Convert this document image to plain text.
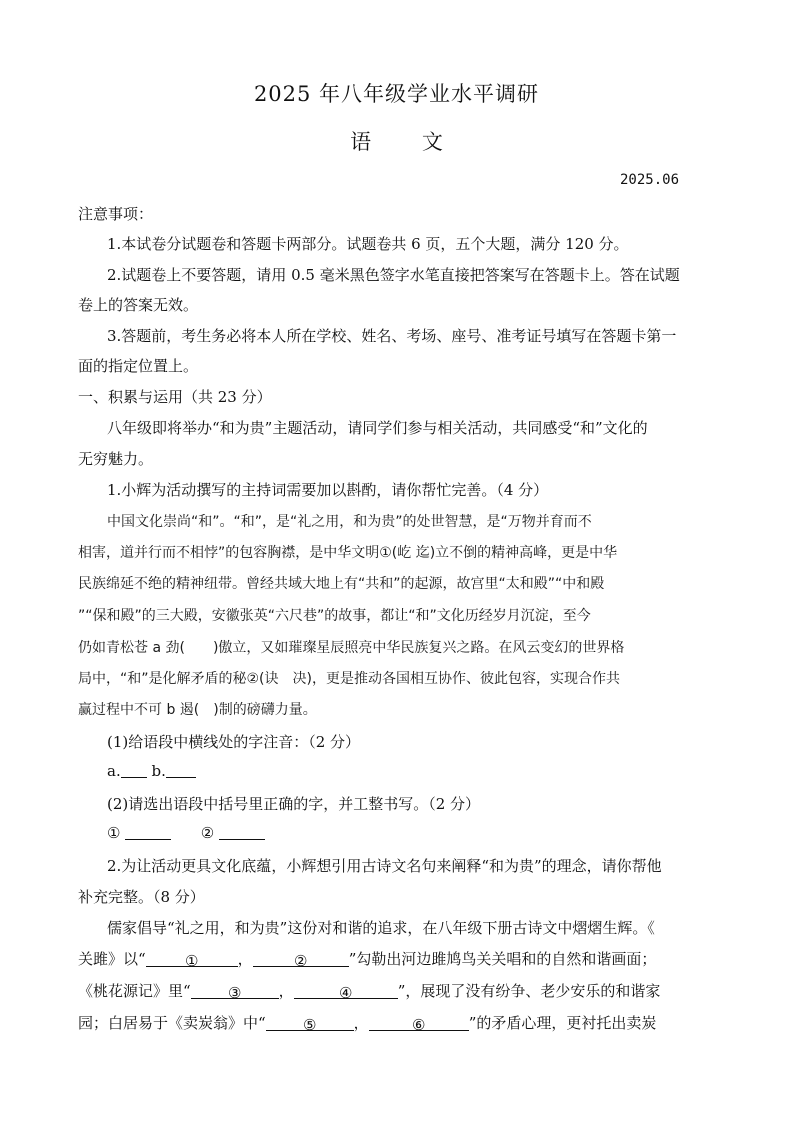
2025 年八年级学业水平调研
语 文
2025.06
注意事项：
1.本试卷分试题卷和答题卡两部分。试题卷共 6 页，五个大题，满分 120 分。
2.试题卷上不要答题，请用 0.5 毫米黑色签字水笔直接把答案写在答题卡上。答在试题
卷上的答案无效。
3.答题前，考生务必将本人所在学校、姓名、考场、座号、准考证号填写在答题卡第一
面的指定位置上。
一、积累与运用（共 23 分）
八年级即将举办“和为贵”主题活动，请同学们参与相关活动，共同感受“和”文化的
无穷魅力。
1.小辉为活动撰写的主持词需要加以斟酌，请你帮忙完善。（4 分）
中国文化崇尚“和”。“和”，是“礼之用，和为贵”的处世智慧，是“万物并育而不
相害，道并行而不相悖”的包容胸襟，是中华文明①(屹 迄)立不倒的精神高峰，更是中华
民族绵延不绝的精神纽带。曾经共域大地上有“共和”的起源，故宫里“太和殿”“中和殿
”“保和殿”的三大殿，安徽张英“六尺巷”的故事，都让“和”文化历经岁月沉淀，至今
仍如青松苍 a 劲(　　)傲立，又如璀璨星辰照亮中华民族复兴之路。在风云变幻的世界格
局中，“和”是化解矛盾的秘②(诀　决)，更是推动各国相互协作、彼此包容，实现合作共
赢过程中不可 b 遏(　)制的磅礴力量。
(1)给语段中横线处的字注音：（2 分）
a. b.
(2)请选出语段中括号里正确的字，并工整书写。（2 分）
①	②
2.为让活动更具文化底蕴，小辉想引用古诗文名句来阐释“和为贵”的理念，请你帮他
补充完整。（8 分）
儒家倡导“礼之用，和为贵”这份对和谐的追求，在八年级下册古诗文中熠熠生辉。《
关雎》以“	①	，	②	”勾勒出河边雎鸠鸟关关唱和的自然和谐画面；
《桃花源记》里“ ③ ，	④	”，展现了没有纷争、老少安乐的和谐家
园；白居易于《卖炭翁》中“ ⑤ ，	⑥	”的矛盾心理，更衬托出卖炭
